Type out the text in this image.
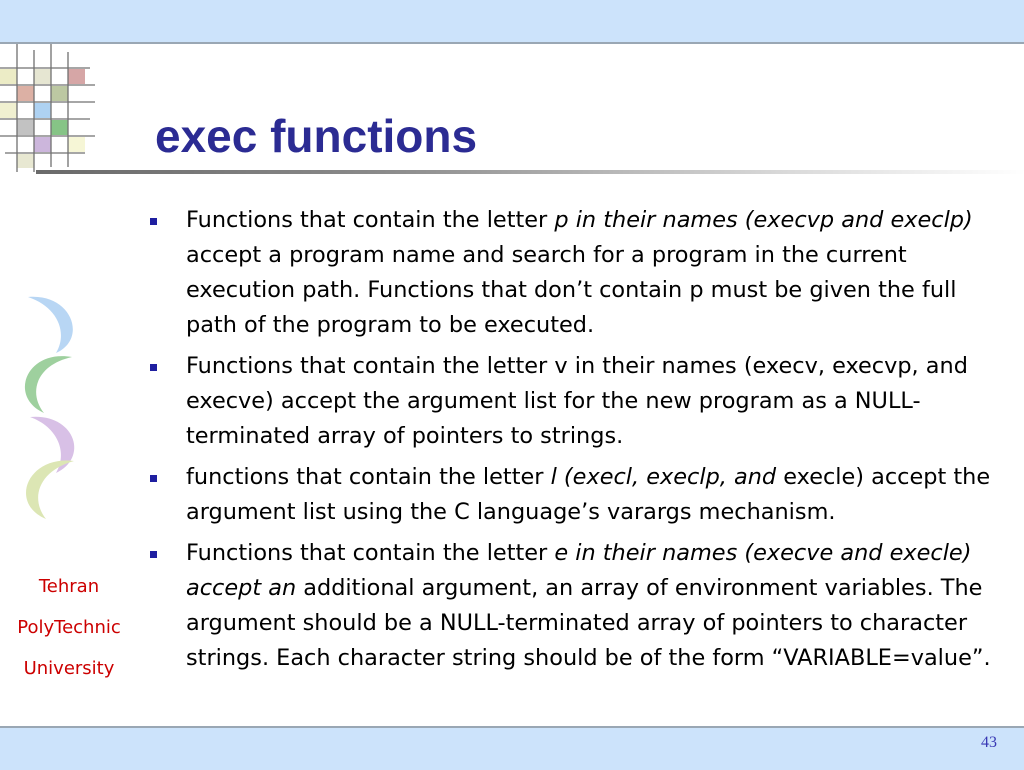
exec functions
Tehran
PolyTechnic
University
Functions that contain the letter p in their names (execvp and execlp) accept a program name and search for a program in the current execution path. Functions that don’t contain p must be given the full path of the program to be executed.
Functions that contain the letter v in their names (execv, execvp, and execve) accept the argument list for the new program as a NULL-terminated array of pointers to strings.
functions that contain the letter l (execl, execlp, and execle) accept the argument list using the C language’s varargs mechanism.
Functions that contain the letter e in their names (execve and execle) accept an additional argument, an array of environment variables. The argument should be a NULL-terminated array of pointers to character strings. Each character string should be of the form “VARIABLE=value”.
43
